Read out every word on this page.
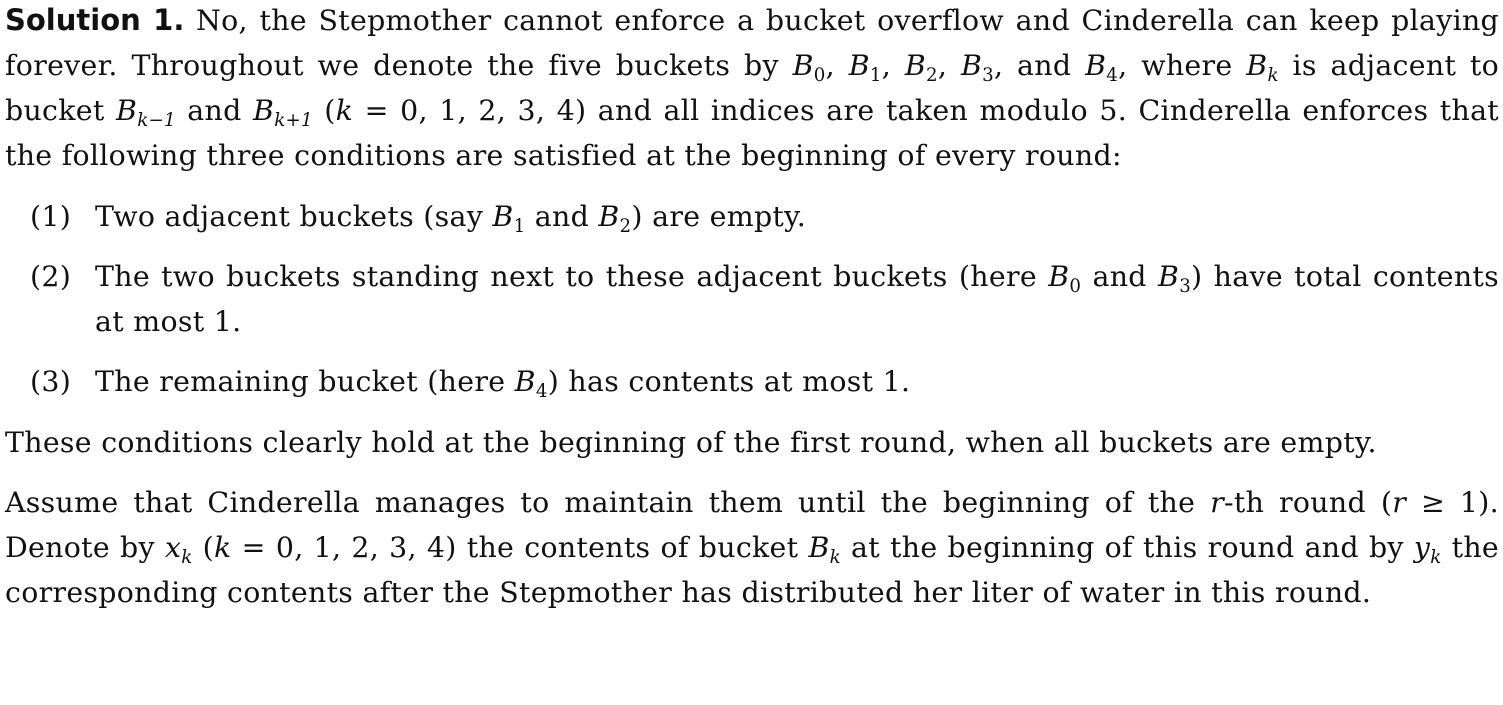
Solution 1. No, the Stepmother cannot enforce a bucket overflow and Cinderella can keep playing forever. Throughout we denote the five buckets by $B_0$, $B_1$, $B_2$, $B_3$, and $B_4$, where $B_k$ is adjacent to bucket $B_{k-1}$ and $B_{k+1}$ (k = 0, 1, 2, 3, 4) and all indices are taken modulo 5. Cinderella enforces that the following three conditions are satisfied at the beginning of every round:

(1) Two adjacent buckets (say $B_1$ and $B_2$) are empty.
(2) The two buckets standing next to these adjacent buckets (here $B_0$ and $B_3$) have total contents at most 1.
(3) The remaining bucket (here $B_4$) has contents at most 1.

These conditions clearly hold at the beginning of the first round, when all buckets are empty.

Assume that Cinderella manages to maintain them until the beginning of the r-th round (r ≥ 1). Denote by $x_k$ (k = 0, 1, 2, 3, 4) the contents of bucket $B_k$ at the beginning of this round and by $y_k$ the corresponding contents after the Stepmother has distributed her liter of water in this round.
